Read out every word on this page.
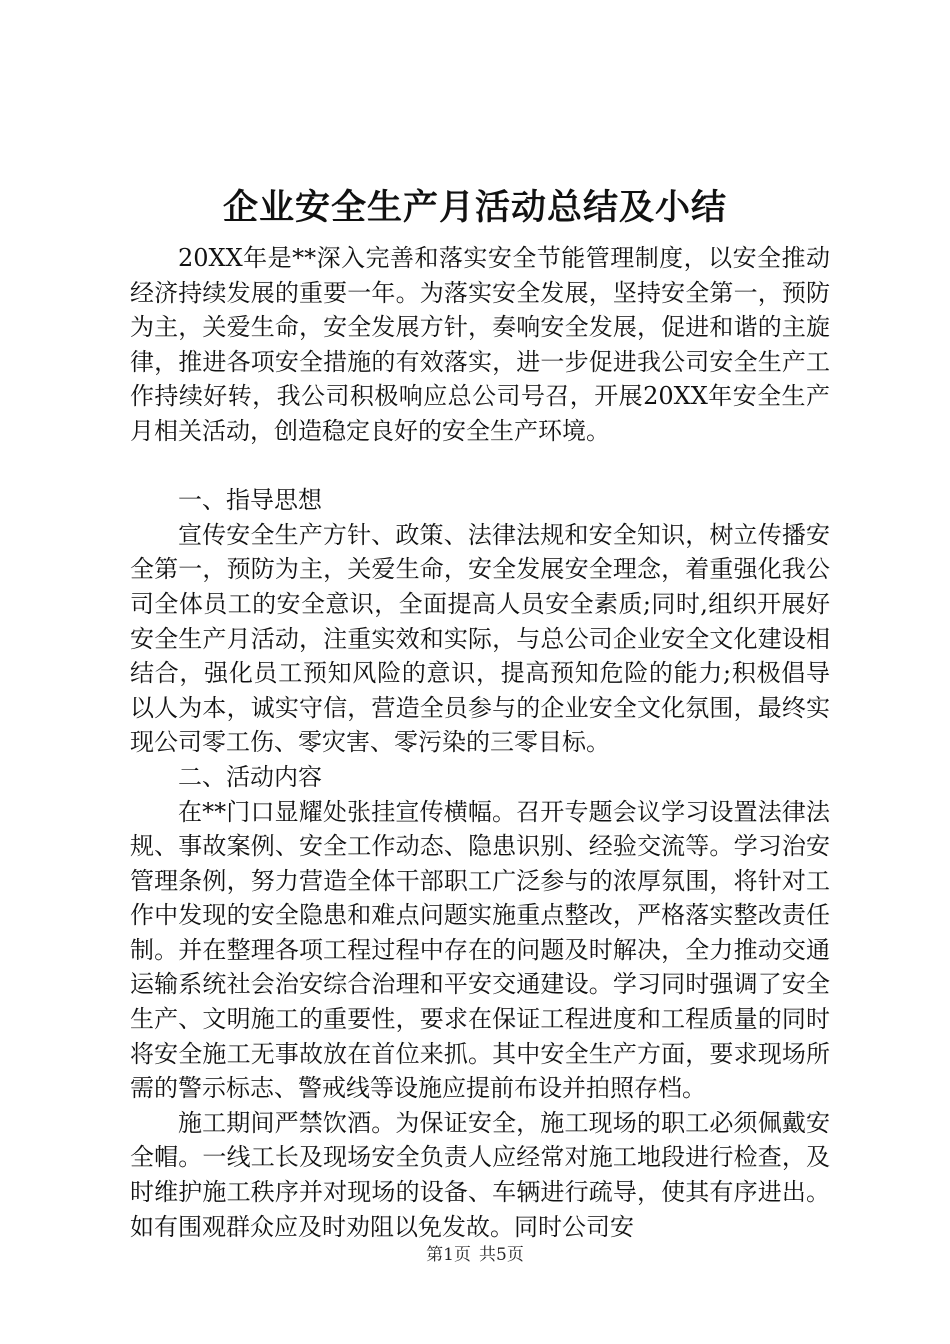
企业安全生产月活动总结及小结

20XX年是**深入完善和落实安全节能管理制度，以安全推动经济持续发展的重要一年。为落实安全发展，坚持安全第一，预防为主，关爱生命，安全发展方针，奏响安全发展，促进和谐的主旋律，推进各项安全措施的有效落实，进一步促进我公司安全生产工作持续好转，我公司积极响应总公司号召，开展20XX年安全生产月相关活动，创造稳定良好的安全生产环境。

一、指导思想

宣传安全生产方针、政策、法律法规和安全知识，树立传播安全第一，预防为主，关爱生命，安全发展安全理念，着重强化我公司全体员工的安全意识，全面提高人员安全素质;同时,组织开展好安全生产月活动，注重实效和实际，与总公司企业安全文化建设相结合，强化员工预知风险的意识，提高预知危险的能力;积极倡导以人为本，诚实守信，营造全员参与的企业安全文化氛围，最终实现公司零工伤、零灾害、零污染的三零目标。

二、活动内容

在**门口显耀处张挂宣传横幅。召开专题会议学习设置法律法规、事故案例、安全工作动态、隐患识别、经验交流等。学习治安管理条例，努力营造全体干部职工广泛参与的浓厚氛围，将针对工作中发现的安全隐患和难点问题实施重点整改，严格落实整改责任制。并在整理各项工程过程中存在的问题及时解决，全力推动交通运输系统社会治安综合治理和平安交通建设。学习同时强调了安全生产、文明施工的重要性，要求在保证工程进度和工程质量的同时将安全施工无事故放在首位来抓。其中安全生产方面，要求现场所需的警示标志、警戒线等设施应提前布设并拍照存档。

施工期间严禁饮酒。为保证安全，施工现场的职工必须佩戴安全帽。一线工长及现场安全负责人应经常对施工地段进行检查，及时维护施工秩序并对现场的设备、车辆进行疏导，使其有序进出。如有围观群众应及时劝阻以免发故。同时公司安

第1页 共5页
